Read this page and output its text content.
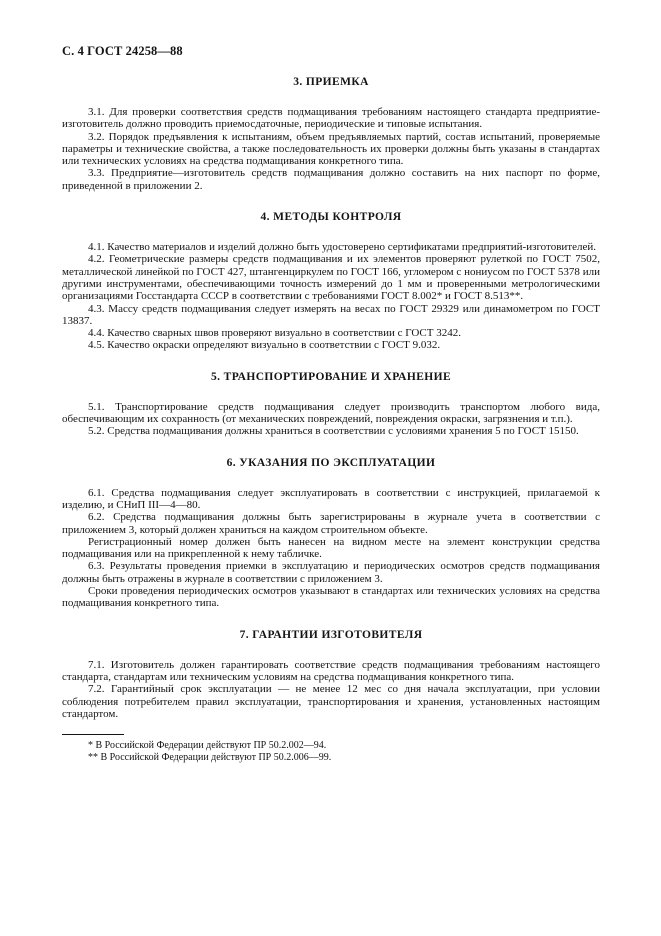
С. 4 ГОСТ 24258—88
3. ПРИЕМКА

3.1. Для проверки соответствия средств подмащивания требованиям настоящего стандарта предприятие-изготовитель должно проводить приемосдаточные, периодические и типовые испытания.

3.2. Порядок предъявления к испытаниям, объем предъявляемых партий, состав испытаний, проверяемые параметры и технические свойства, а также последовательность их проверки должны быть указаны в стандартах или технических условиях на средства подмащивания конкретного типа.

3.3. Предприятие—изготовитель средств подмащивания должно составить на них паспорт по форме, приведенной в приложении 2.

4. МЕТОДЫ КОНТРОЛЯ

4.1. Качество материалов и изделий должно быть удостоверено сертификатами предприятий-изготовителей.

4.2. Геометрические размеры средств подмащивания и их элементов проверяют рулеткой по ГОСТ 7502, металлической линейкой по ГОСТ 427, штангенциркулем по ГОСТ 166, угломером с нониусом по ГОСТ 5378 или другими инструментами, обеспечивающими точность измерений до 1 мм и проверенными метрологическими организациями Госстандарта СССР в соответствии с требованиями ГОСТ 8.002* и ГОСТ 8.513**.

4.3. Массу средств подмащивания следует измерять на весах по ГОСТ 29329 или динамометром по ГОСТ 13837.

4.4. Качество сварных швов проверяют визуально в соответствии с ГОСТ 3242.

4.5. Качество окраски определяют визуально в соответствии с ГОСТ 9.032.

5. ТРАНСПОРТИРОВАНИЕ И ХРАНЕНИЕ

5.1. Транспортирование средств подмащивания следует производить транспортом любого вида, обеспечивающим их сохранность (от механических повреждений, повреждения окраски, загрязнения и т.п.).

5.2. Средства подмащивания должны храниться в соответствии с условиями хранения 5 по ГОСТ 15150.

6. УКАЗАНИЯ ПО ЭКСПЛУАТАЦИИ

6.1. Средства подмащивания следует эксплуатировать в соответствии с инструкцией, прилагаемой к изделию, и СНиП III—4—80.

6.2. Средства подмащивания должны быть зарегистрированы в журнале учета в соответствии с приложением 3, который должен храниться на каждом строительном объекте.

Регистрационный номер должен быть нанесен на видном месте на элемент конструкции средства подмащивания или на прикрепленной к нему табличке.

6.3. Результаты проведения приемки в эксплуатацию и периодических осмотров средств подмащивания должны быть отражены в журнале в соответствии с приложением 3.

Сроки проведения периодических осмотров указывают в стандартах или технических условиях на средства подмащивания конкретного типа.

7. ГАРАНТИИ ИЗГОТОВИТЕЛЯ

7.1. Изготовитель должен гарантировать соответствие средств подмащивания требованиям настоящего стандарта, стандартам или техническим условиям на средства подмащивания конкретного типа.

7.2. Гарантийный срок эксплуатации — не менее 12 мес со дня начала эксплуатации, при условии соблюдения потребителем правил эксплуатации, транспортирования и хранения, установленных настоящим стандартом.

* В Российской Федерации действуют ПР 50.2.002—94.
** В Российской Федерации действуют ПР 50.2.006—99.
